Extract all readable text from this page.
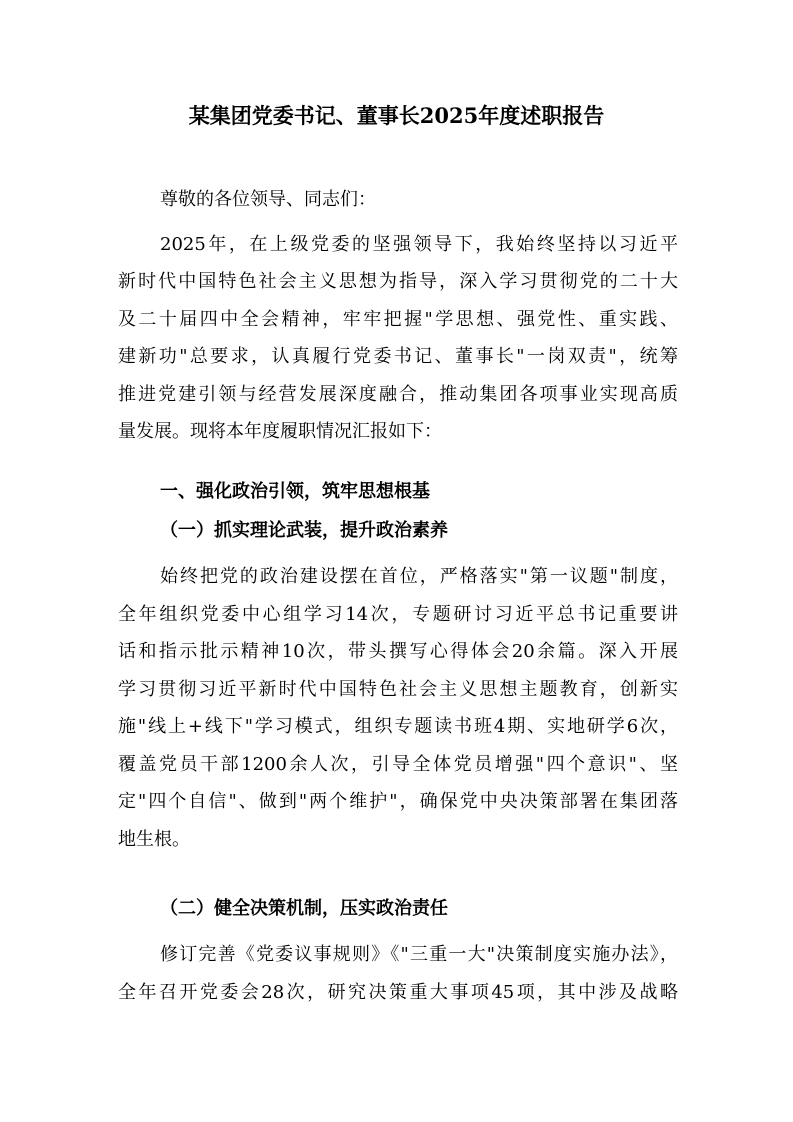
某集团党委书记、董事长2025年度述职报告
尊敬的各位领导、同志们：
2025年，在上级党委的坚强领导下，我始终坚持以习近平
新时代中国特色社会主义思想为指导，深入学习贯彻党的二十大
及二十届四中全会精神，牢牢把握"学思想、强党性、重实践、
建新功"总要求，认真履行党委书记、董事长"一岗双责"，统筹
推进党建引领与经营发展深度融合，推动集团各项事业实现高质
量发展。现将本年度履职情况汇报如下：
一、强化政治引领，筑牢思想根基
（一）抓实理论武装，提升政治素养
始终把党的政治建设摆在首位，严格落实"第一议题"制度，
全年组织党委中心组学习14次，专题研讨习近平总书记重要讲
话和指示批示精神10次，带头撰写心得体会20余篇。深入开展
学习贯彻习近平新时代中国特色社会主义思想主题教育，创新实
施"线上+线下"学习模式，组织专题读书班4期、实地研学6次，
覆盖党员干部1200余人次，引导全体党员增强"四个意识"、坚
定"四个自信"、做到"两个维护"，确保党中央决策部署在集团落
地生根。
（二）健全决策机制，压实政治责任
修订完善《党委议事规则》《"三重一大"决策制度实施办法》，
全年召开党委会28次，研究决策重大事项45项，其中涉及战略
